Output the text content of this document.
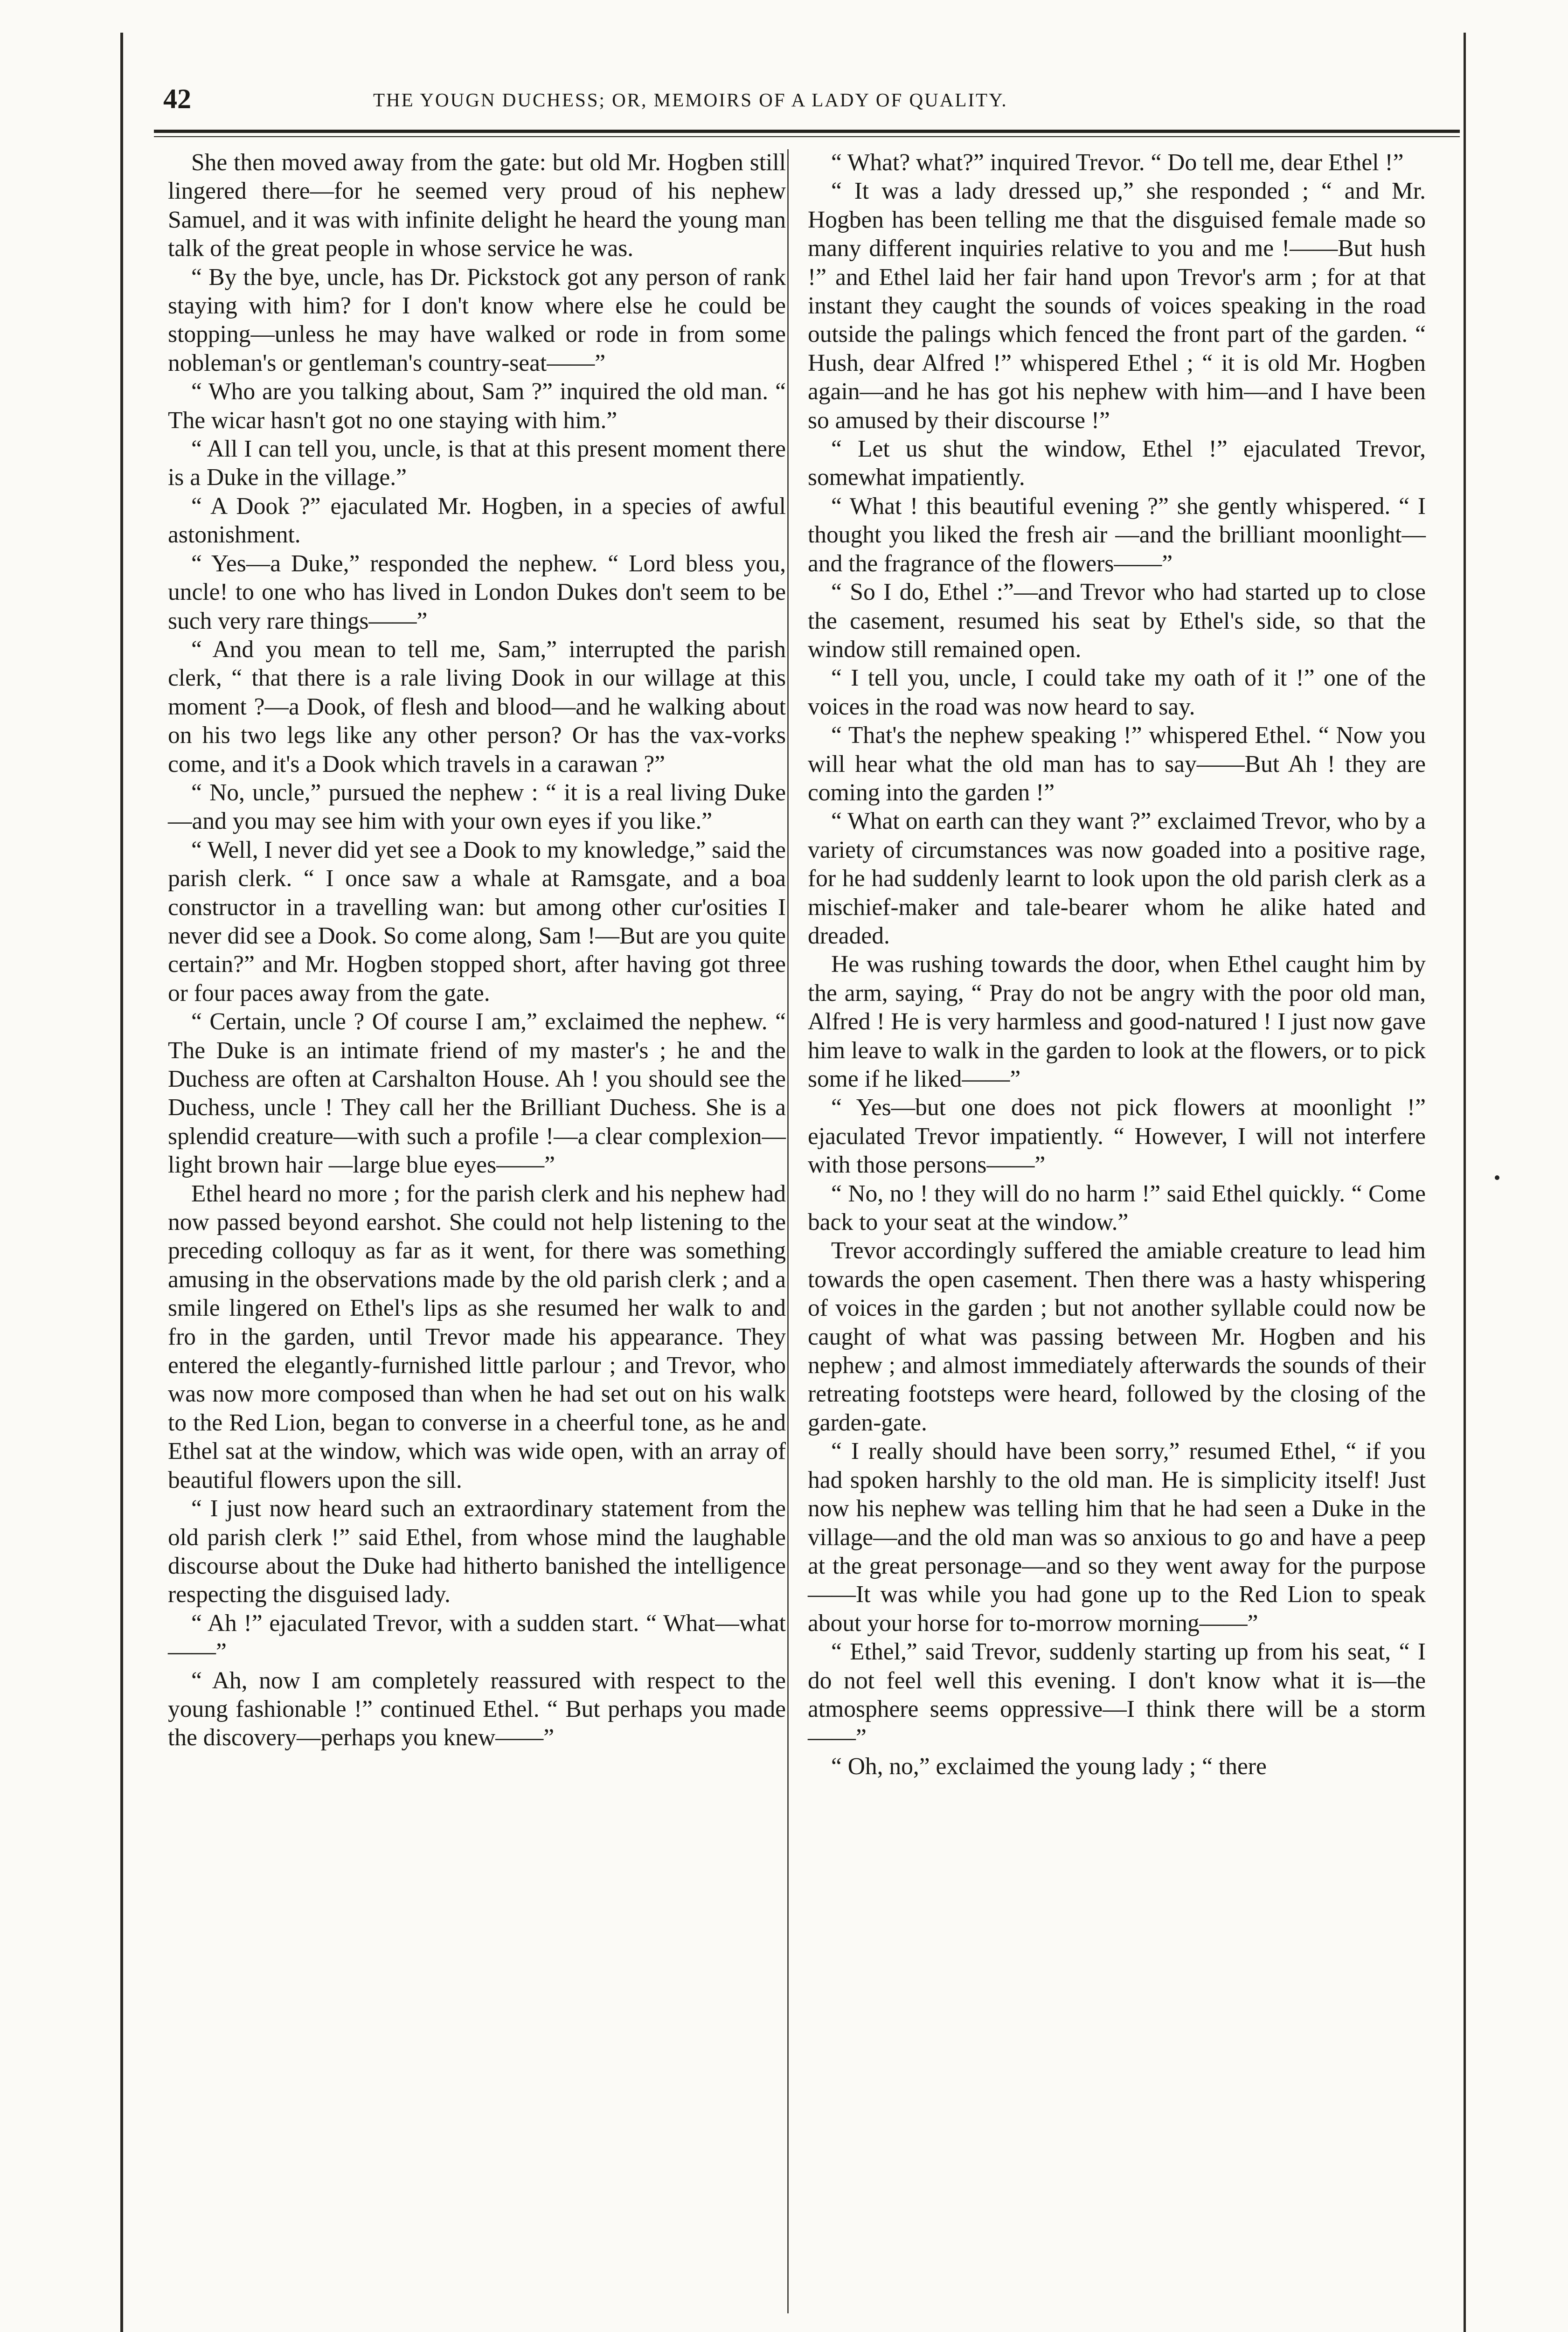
42	THE YOUGN DUCHESS; OR, MEMOIRS OF A LADY OF QUALITY.

She then moved away from the gate: but old Mr. Hogben still lingered there—for he seemed very proud of his nephew Samuel, and it was with infinite delight he heard the young man talk of the great people in whose service he was.

“ By the bye, uncle, has Dr. Pickstock got any person of rank staying with him? for I don't know where else he could be stopping—unless he may have walked or rode in from some nobleman's or gentleman's country-seat——”

“ Who are you talking about, Sam ?” inquired the old man. “ The wicar hasn't got no one staying with him.”

“ All I can tell you, uncle, is that at this present moment there is a Duke in the village.”

“ A Dook ?” ejaculated Mr. Hogben, in a species of awful astonishment.

“ Yes—a Duke,” responded the nephew. “ Lord bless you, uncle! to one who has lived in London Dukes don't seem to be such very rare things——”

“ And you mean to tell me, Sam,” interrupted the parish clerk, “ that there is a rale living Dook in our willage at this moment ?—a Dook, of flesh and blood—and he walking about on his two legs like any other person? Or has the vax-vorks come, and it's a Dook which travels in a carawan ?”

“ No, uncle,” pursued the nephew : “ it is a real living Duke—and you may see him with your own eyes if you like.”

“ Well, I never did yet see a Dook to my knowledge,” said the parish clerk. “ I once saw a whale at Ramsgate, and a boa constructor in a travelling wan: but among other cur'osities I never did see a Dook. So come along, Sam !—But are you quite certain?” and Mr. Hogben stopped short, after having got three or four paces away from the gate.

“ Certain, uncle ? Of course I am,” exclaimed the nephew. “ The Duke is an intimate friend of my master's ; he and the Duchess are often at Carshalton House. Ah ! you should see the Duchess, uncle ! They call her the Brilliant Duchess. She is a splendid creature—with such a profile !—a clear complexion—light brown hair —large blue eyes——”

Ethel heard no more ; for the parish clerk and his nephew had now passed beyond earshot. She could not help listening to the preceding colloquy as far as it went, for there was something amusing in the observations made by the old parish clerk ; and a smile lingered on Ethel's lips as she resumed her walk to and fro in the garden, until Trevor made his appearance. They entered the elegantly-furnished little parlour ; and Trevor, who was now more composed than when he had set out on his walk to the Red Lion, began to converse in a cheerful tone, as he and Ethel sat at the window, which was wide open, with an array of beautiful flowers upon the sill.

“ I just now heard such an extraordinary statement from the old parish clerk !” said Ethel, from whose mind the laughable discourse about the Duke had hitherto banished the intelligence respecting the disguised lady.

“ Ah !” ejaculated Trevor, with a sudden start. “ What—what——”

“ Ah, now I am completely reassured with respect to the young fashionable !” continued Ethel. “ But perhaps you made the discovery—perhaps you knew——”

“ What? what?” inquired Trevor. “ Do tell me, dear Ethel !”

“ It was a lady dressed up,” she responded ; “ and Mr. Hogben has been telling me that the disguised female made so many different inquiries relative to you and me !——But hush !” and Ethel laid her fair hand upon Trevor's arm ; for at that instant they caught the sounds of voices speaking in the road outside the palings which fenced the front part of the garden. “ Hush, dear Alfred !” whispered Ethel ; “ it is old Mr. Hogben again—and he has got his nephew with him—and I have been so amused by their discourse !”

“ Let us shut the window, Ethel !” ejaculated Trevor, somewhat impatiently.

“ What ! this beautiful evening ?” she gently whispered. “ I thought you liked the fresh air —and the brilliant moonlight—and the fragrance of the flowers——”

“ So I do, Ethel :”—and Trevor who had started up to close the casement, resumed his seat by Ethel's side, so that the window still remained open.

“ I tell you, uncle, I could take my oath of it !” one of the voices in the road was now heard to say.

“ That's the nephew speaking !” whispered Ethel. “ Now you will hear what the old man has to say——But Ah ! they are coming into the garden !”

“ What on earth can they want ?” exclaimed Trevor, who by a variety of circumstances was now goaded into a positive rage, for he had suddenly learnt to look upon the old parish clerk as a mischief-maker and tale-bearer whom he alike hated and dreaded.

He was rushing towards the door, when Ethel caught him by the arm, saying, “ Pray do not be angry with the poor old man, Alfred ! He is very harmless and good-natured ! I just now gave him leave to walk in the garden to look at the flowers, or to pick some if he liked——”

“ Yes—but one does not pick flowers at moonlight !” ejaculated Trevor impatiently. “ However, I will not interfere with those persons——”

“ No, no ! they will do no harm !” said Ethel quickly. “ Come back to your seat at the window.”

Trevor accordingly suffered the amiable creature to lead him towards the open casement. Then there was a hasty whispering of voices in the garden ; but not another syllable could now be caught of what was passing between Mr. Hogben and his nephew ; and almost immediately afterwards the sounds of their retreating footsteps were heard, followed by the closing of the garden-gate.

“ I really should have been sorry,” resumed Ethel, “ if you had spoken harshly to the old man. He is simplicity itself! Just now his nephew was telling him that he had seen a Duke in the village—and the old man was so anxious to go and have a peep at the great personage—and so they went away for the purpose——It was while you had gone up to the Red Lion to speak about your horse for to-morrow morning——”

“ Ethel,” said Trevor, suddenly starting up from his seat, “ I do not feel well this evening. I don't know what it is—the atmosphere seems oppressive—I think there will be a storm——”

“ Oh, no,” exclaimed the young lady ; “ there
